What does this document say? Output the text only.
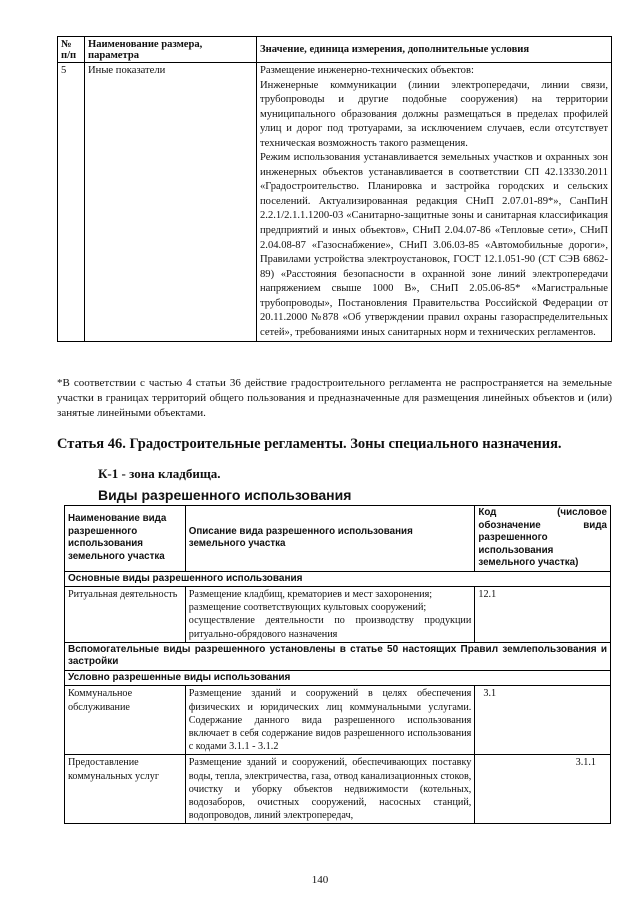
№ п/п	Наименование размера, параметра	Значение, единица измерения, дополнительные условия
5	Иные показатели	Размещение инженерно-технических объектов:
Инженерные коммуникации (линии электропередачи, линии связи, трубопроводы и другие подобные сооружения) на территории муниципального образования должны размещаться в пределах профилей улиц и дорог под тротуарами, за исключением случаев, если отсутствует техническая возможность такого размещения.
Режим использования устанавливается земельных участков и охранных зон инженерных объектов устанавливается в соответствии СП 42.13330.2011 «Градостроительство. Планировка и застройка городских и сельских поселений. Актуализированная редакция СНиП 2.07.01-89*», СанПиН 2.2.1/2.1.1.1200-03 «Санитарно-защитные зоны и санитарная классификация предприятий и иных объектов», СНиП 2.04.07-86 «Тепловые сети», СНиП 2.04.08-87 «Газоснабжение», СНиП 3.06.03-85 «Автомобильные дороги», Правилами устройства электроустановок, ГОСТ 12.1.051-90 (СТ СЭВ 6862-89) «Расстояния безопасности в охранной зоне линий электропередачи напряжением свыше 1000 В», СНиП 2.05.06-85* «Магистральные трубопроводы», Постановления Правительства Российской Федерации от 20.11.2000 №878 «Об утверждении правил охраны газораспределительных сетей», требованиями иных санитарных норм и технических регламентов.
*В соответствии с частью 4 статьи 36 действие градостроительного регламента не распространяется на земельные участки в границах территорий общего пользования и предназначенные для размещения линейных объектов и (или) занятые линейными объектами.
Статья 46. Градостроительные регламенты. Зоны специального назначения.
К-1 - зона кладбища.
Виды разрешенного использования
Наименование вида разрешенного использования земельного участка	Описание вида разрешенного использования земельного участка	Код (числовое обозначение вида разрешенного использования земельного участка)
Основные виды разрешенного использования		
Ритуальная деятельность	Размещение кладбищ, крематориев и мест захоронения;
размещение соответствующих культовых сооружений;
осуществление деятельности по производству продукции ритуально-обрядового назначения	12.1
Вспомогательные виды разрешенного установлены в статье 50 настоящих Правил землепользования и застройки		
Условно разрешенные виды использования		
Коммунальное обслуживание	Размещение зданий и сооружений в целях обеспечения физических и юридических лиц коммунальными услугами. Содержание данного вида разрешенного использования включает в себя содержание видов разрешенного использования с кодами 3.1.1 - 3.1.2	3.1
Предоставление коммунальных услуг	Размещение зданий и сооружений, обеспечивающих поставку воды, тепла, электричества, газа, отвод канализационных стоков, очистку и уборку объектов недвижимости (котельных, водозаборов, очистных сооружений, насосных станций, водопроводов, линий электропередач,	3.1.1
140
